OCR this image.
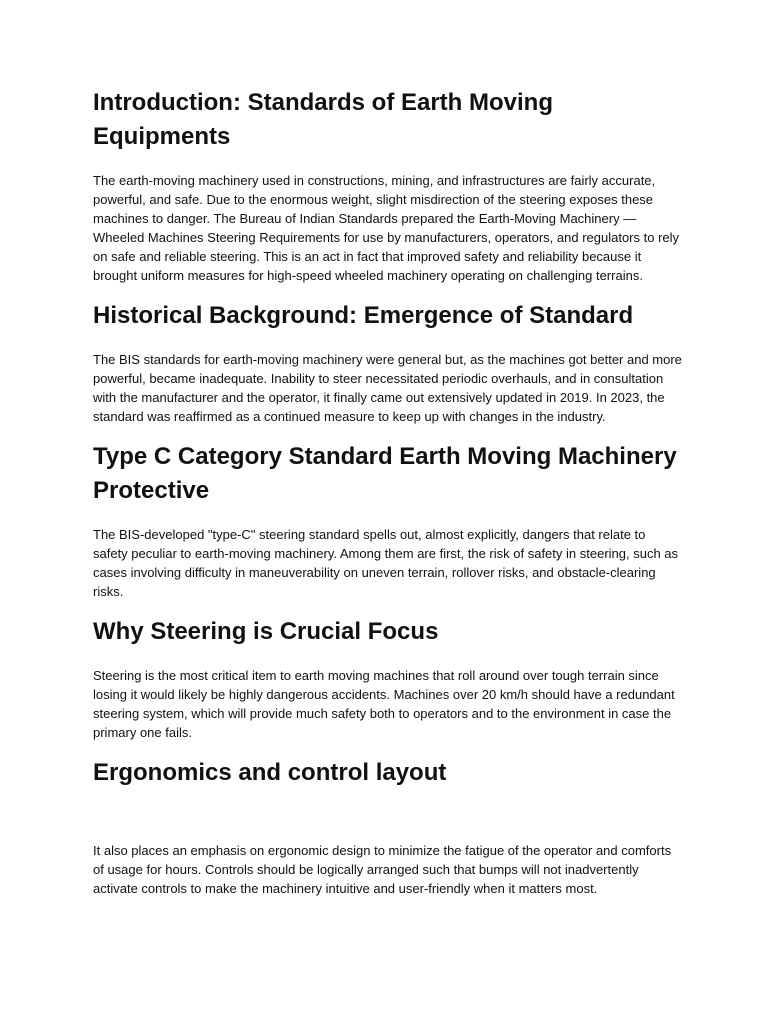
Introduction: Standards of Earth Moving Equipments

The earth-moving machinery used in constructions, mining, and infrastructures are fairly accurate, powerful, and safe. Due to the enormous weight, slight misdirection of the steering exposes these machines to danger. The Bureau of Indian Standards prepared the Earth-Moving Machinery — Wheeled Machines Steering Requirements for use by manufacturers, operators, and regulators to rely on safe and reliable steering. This is an act in fact that improved safety and reliability because it brought uniform measures for high-speed wheeled machinery operating on challenging terrains.

Historical Background: Emergence of Standard

The BIS standards for earth-moving machinery were general but, as the machines got better and more powerful, became inadequate. Inability to steer necessitated periodic overhauls, and in consultation with the manufacturer and the operator, it finally came out extensively updated in 2019. In 2023, the standard was reaffirmed as a continued measure to keep up with changes in the industry.

Type C Category Standard Earth Moving Machinery Protective

The BIS-developed "type-C" steering standard spells out, almost explicitly, dangers that relate to safety peculiar to earth-moving machinery. Among them are first, the risk of safety in steering, such as cases involving difficulty in maneuverability on uneven terrain, rollover risks, and obstacle-clearing risks.

Why Steering is Crucial Focus

Steering is the most critical item to earth moving machines that roll around over tough terrain since losing it would likely be highly dangerous accidents. Machines over 20 km/h should have a redundant steering system, which will provide much safety both to operators and to the environment in case the primary one fails.

Ergonomics and control layout

It also places an emphasis on ergonomic design to minimize the fatigue of the operator and comforts of usage for hours. Controls should be logically arranged such that bumps will not inadvertently activate controls to make the machinery intuitive and user-friendly when it matters most.
